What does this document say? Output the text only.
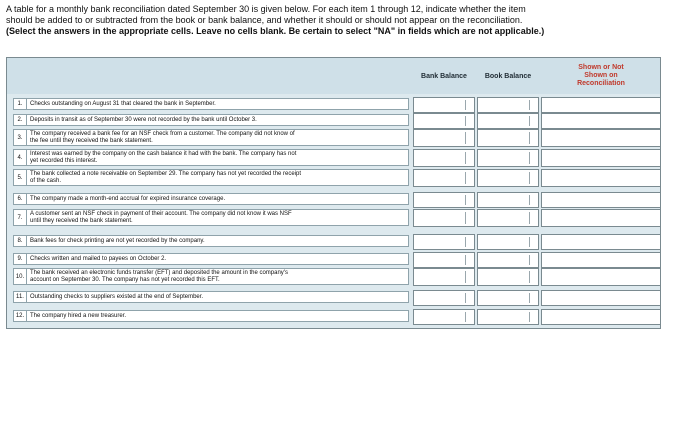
A table for a monthly bank reconciliation dated September 30 is given below. For each item 1 through 12, indicate whether the item
should be added to or subtracted from the book or bank balance, and whether it should or should not appear on the reconciliation.
(Select the answers in the appropriate cells. Leave no cells blank. Be certain to select "NA" in fields which are not applicable.)
Bank Balance	Book Balance
Shown or Not
Shown on
Reconciliation
1.	Checks outstanding on August 31 that cleared the bank in September.
2.	Deposits in transit as of September 30 were not recorded by the bank until October 3.
3.
The company received a bank fee for an NSF check from a customer. The company did not know of
the fee until they received the bank statement.
4.
Interest was earned by the company on the cash balance it had with the bank. The company has not
yet recorded this interest.
5.
The bank collected a note receivable on September 29. The company has not yet recorded the receipt
of the cash.
6.	The company made a month-end accrual for expired insurance coverage.
7.
A customer sent an NSF check in payment of their account. The company did not know it was NSF
until they received the bank statement.
8.	Bank fees for check printing are not yet recorded by the company.
9.	Checks written and mailed to payees on October 2.
10.
The bank received an electronic funds transfer (EFT) and deposited the amount in the company's
account on September 30. The company has not yet recorded this EFT.
11.	Outstanding checks to suppliers existed at the end of September.
12. The company hired a new treasurer.
